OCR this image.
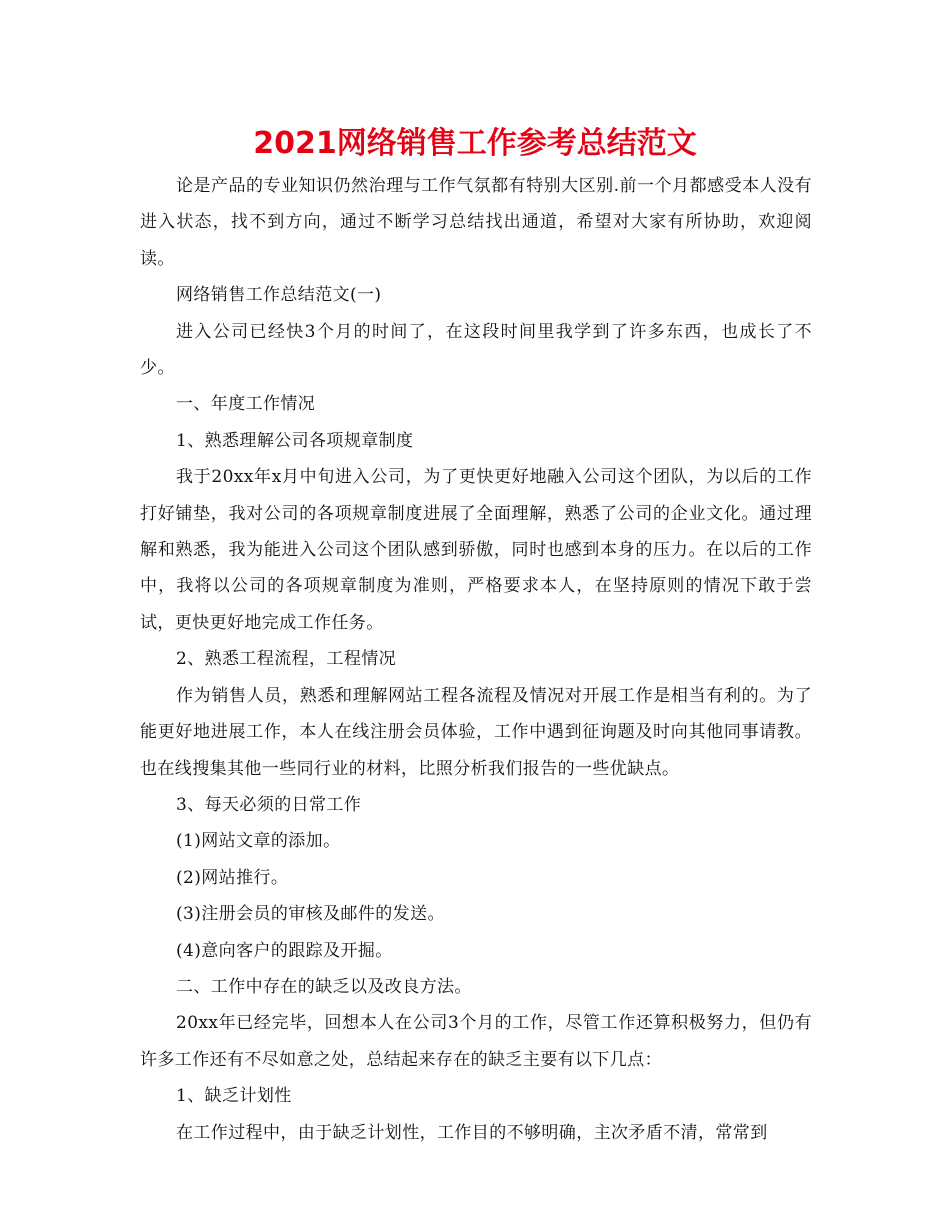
2021网络销售工作参考总结范文

论是产品的专业知识仍然治理与工作气氛都有特别大区别.前一个月都感受本人没有进入状态，找不到方向，通过不断学习总结找出通道，希望对大家有所协助，欢迎阅读。

网络销售工作总结范文(一)

进入公司已经快3个月的时间了，在这段时间里我学到了许多东西，也成长了不少。

一、年度工作情况

1、熟悉理解公司各项规章制度

我于20xx年x月中旬进入公司，为了更快更好地融入公司这个团队，为以后的工作打好铺垫，我对公司的各项规章制度进展了全面理解，熟悉了公司的企业文化。通过理解和熟悉，我为能进入公司这个团队感到骄傲，同时也感到本身的压力。在以后的工作中，我将以公司的各项规章制度为准则，严格要求本人，在坚持原则的情况下敢于尝试，更快更好地完成工作任务。

2、熟悉工程流程，工程情况

作为销售人员，熟悉和理解网站工程各流程及情况对开展工作是相当有利的。为了能更好地进展工作，本人在线注册会员体验，工作中遇到征询题及时向其他同事请教。也在线搜集其他一些同行业的材料，比照分析我们报告的一些优缺点。

3、每天必须的日常工作

(1)网站文章的添加。

(2)网站推行。

(3)注册会员的审核及邮件的发送。

(4)意向客户的跟踪及开掘。

二、工作中存在的缺乏以及改良方法。

20xx年已经完毕，回想本人在公司3个月的工作，尽管工作还算积极努力，但仍有许多工作还有不尽如意之处，总结起来存在的缺乏主要有以下几点：

1、缺乏计划性

在工作过程中，由于缺乏计划性，工作目的不够明确，主次矛盾不清，常常到
